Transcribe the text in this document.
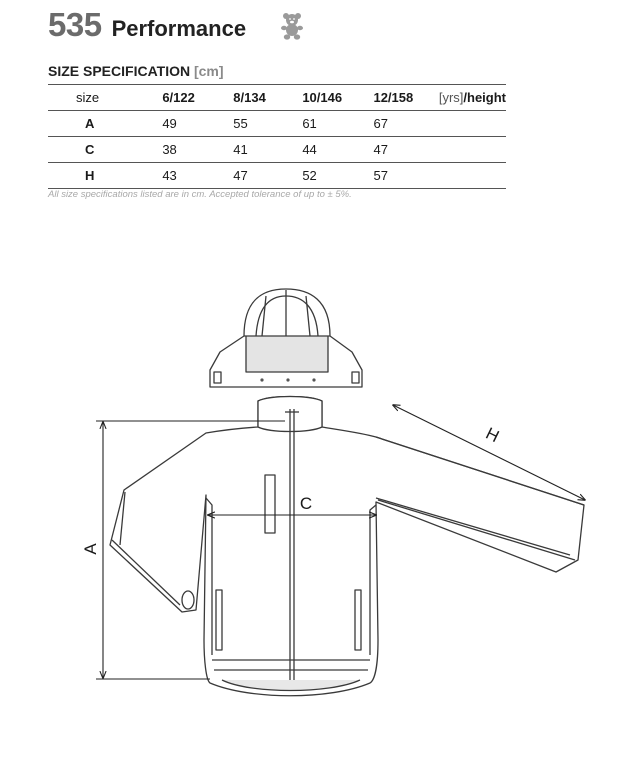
535 Performance
SIZE SPECIFICATION [cm]
size	6/122	8/134	10/146	12/158	[yrs]/height
A	49	55	61	67	
C	38	41	44	47	
H	43	47	52	57	
All size specifications listed are in cm. Accepted tolerance of up to ± 5%.
A
C
H
